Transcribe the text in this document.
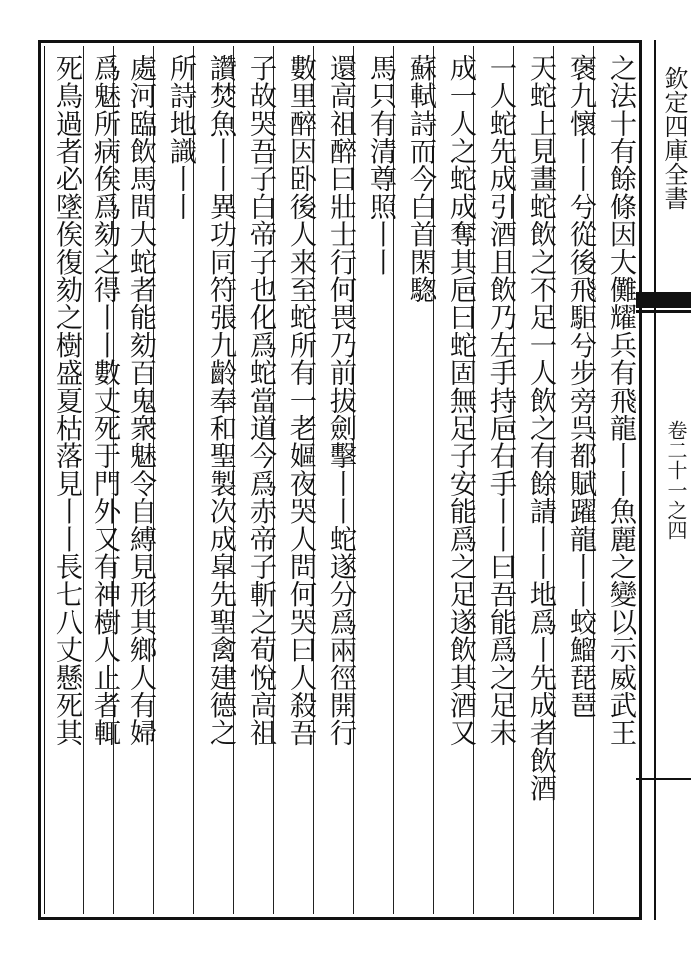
之法十有餘條因大儺耀兵有飛龍丨丨魚麗之變以示威武王
褒九懷丨丨兮從後飛駏兮步旁呉都賦躍龍丨丨蛟鰡琵琶
天蛇上見畫蛇飲之不足一人飲之有餘請丨丨地爲丨先成者飲酒
一人蛇先成引酒且飲乃左手持巵右手丨丨曰吾能爲之足未
成一人之蛇成奪其巵曰蛇固無足子安能爲之足遂飲其酒又
蘇軾詩而今白首閑騘
馬只有清尊照丨丨
還高祖醉曰壯士行何畏乃前拔劍擊丨丨蛇遂分爲兩徑開行
數里醉因卧後人来至蛇所有一老嫗夜哭人問何哭曰人殺吾
子故哭吾子白帝子也化爲蛇當道今爲赤帝子斬之荀悅高祖
讚焚魚丨丨異功同符張九齡奉和聖製次成皐先聖禽建德之
所詩地識丨丨
處河臨飲馬間大蛇者能劾百鬼衆魅令自縛見形其鄉人有婦
爲魅所病俟爲劾之得丨丨數丈死于門外又有神樹人止者輒
死鳥過者必墜俟復劾之樹盛夏枯落見丨丨長七八丈懸死其	欽定四庫全書
卷二十一之四
